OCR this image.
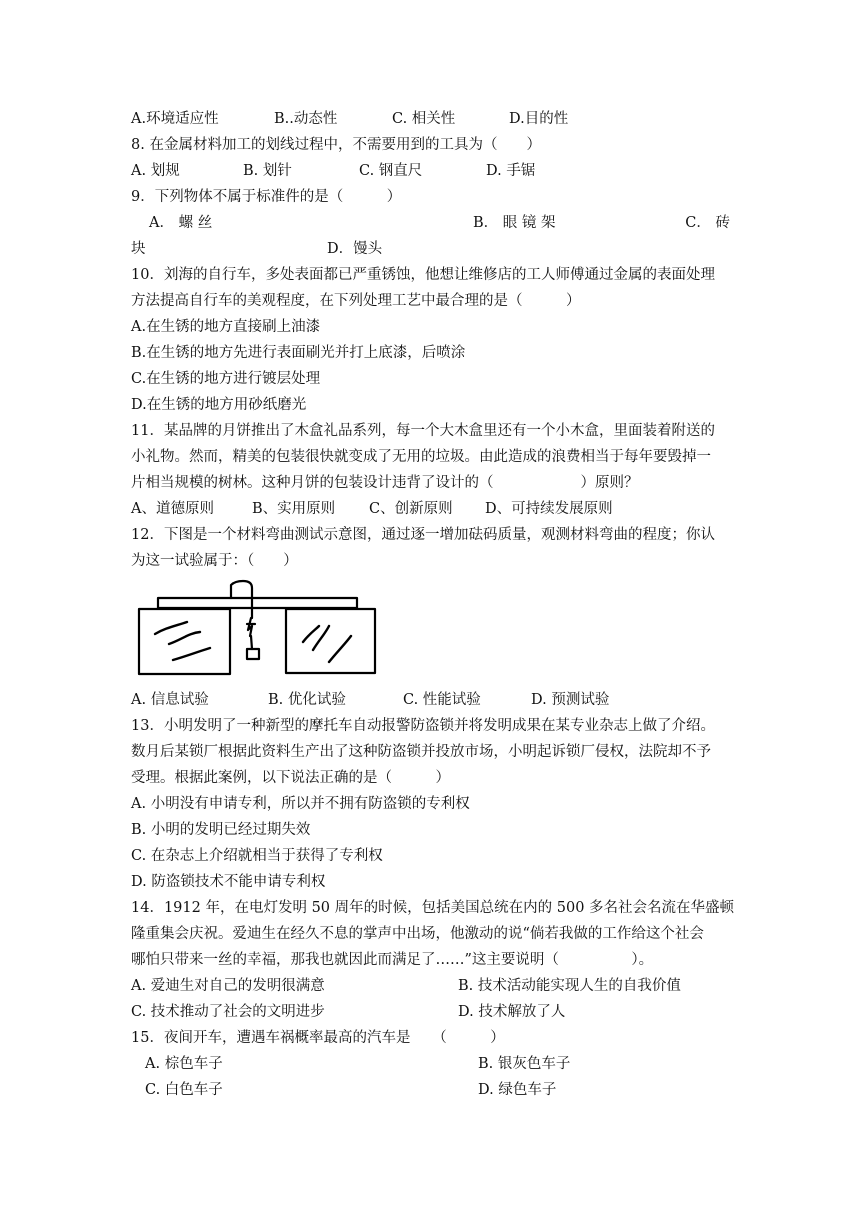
A.环境适应性	B..动态性	C. 相关性	D.目的性
8. 在金属材料加工的划线过程中，不需要用到的工具为（　　）
A. 划规	B. 划针	C. 钢直尺	D. 手锯
9．下列物体不属于标准件的是（　　　）
A． 螺 丝	B． 眼 镜 架	C． 砖
块	D．馒头
10．刘海的自行车，多处表面都已严重锈蚀，他想让维修店的工人师傅通过金属的表面处理
方法提高自行车的美观程度，在下列处理工艺中最合理的是（　　　）
A.在生锈的地方直接刷上油漆
B.在生锈的地方先进行表面刷光并打上底漆，后喷涂
C.在生锈的地方进行镀层处理
D.在生锈的地方用砂纸磨光
11．某品牌的月饼推出了木盒礼品系列，每一个大木盒里还有一个小木盒，里面装着附送的
小礼物。然而，精美的包装很快就变成了无用的垃圾。由此造成的浪费相当于每年要毁掉一
片相当规模的树林。这种月饼的包装设计违背了设计的（　　　　　　）原则？
A、道德原则	B、实用原则	C、创新原则	D、可持续发展原则
12．下图是一个材料弯曲测试示意图，通过逐一增加砝码质量，观测材料弯曲的程度；你认
为这一试验属于：（　　）
A. 信息试验	B. 优化试验	C. 性能试验	D. 预测试验
13．小明发明了一种新型的摩托车自动报警防盗锁并将发明成果在某专业杂志上做了介绍。
数月后某锁厂根据此资料生产出了这种防盗锁并投放市场，小明起诉锁厂侵权，法院却不予
受理。根据此案例，以下说法正确的是（　　　）
A. 小明没有申请专利，所以并不拥有防盗锁的专利权
B. 小明的发明已经过期失效
C. 在杂志上介绍就相当于获得了专利权
D. 防盗锁技术不能申请专利权
14．1912 年，在电灯发明 50 周年的时候，包括美国总统在内的 500 多名社会名流在华盛顿
隆重集会庆祝。爱迪生在经久不息的掌声中出场，他激动的说“倘若我做的工作给这个社会
哪怕只带来一丝的幸福，那我也就因此而满足了……”这主要说明（　　　　　）。
A. 爱迪生对自己的发明很满意	B. 技术活动能实现人生的自我价值
C. 技术推动了社会的文明进步	D. 技术解放了人
15．夜间开车，遭遇车祸概率最高的汽车是　　（　　　）
A. 棕色车子	B. 银灰色车子
C. 白色车子	D. 绿色车子
